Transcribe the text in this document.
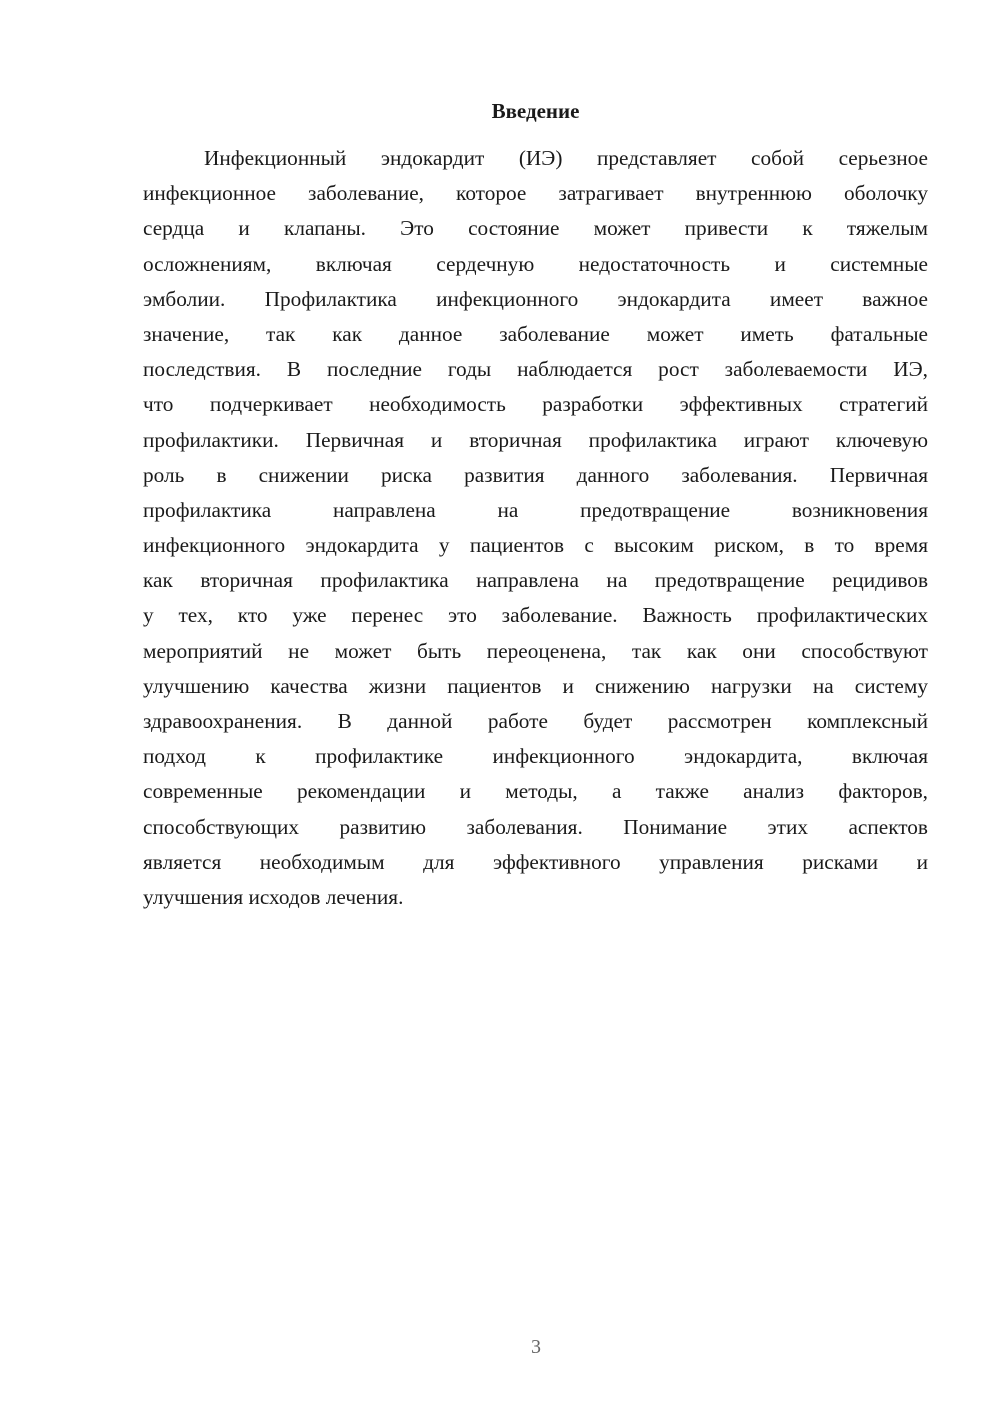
Введение
Инфекционный эндокардит (ИЭ) представляет собой серьезное
инфекционное заболевание, которое затрагивает внутреннюю оболочку
сердца и клапаны. Это состояние может привести к тяжелым
осложнениям, включая сердечную недостаточность и системные
эмболии. Профилактика инфекционного эндокардита имеет важное
значение, так как данное заболевание может иметь фатальные
последствия. В последние годы наблюдается рост заболеваемости ИЭ,
что подчеркивает необходимость разработки эффективных стратегий
профилактики. Первичная и вторичная профилактика играют ключевую
роль в снижении риска развития данного заболевания. Первичная
профилактика направлена на предотвращение возникновения
инфекционного эндокардита у пациентов с высоким риском, в то время
как вторичная профилактика направлена на предотвращение рецидивов
у тех, кто уже перенес это заболевание. Важность профилактических
мероприятий не может быть переоценена, так как они способствуют
улучшению качества жизни пациентов и снижению нагрузки на систему
здравоохранения. В данной работе будет рассмотрен комплексный
подход к профилактике инфекционного эндокардита, включая
современные рекомендации и методы, а также анализ факторов,
способствующих развитию заболевания. Понимание этих аспектов
является необходимым для эффективного управления рисками и
улучшения исходов лечения.
3
